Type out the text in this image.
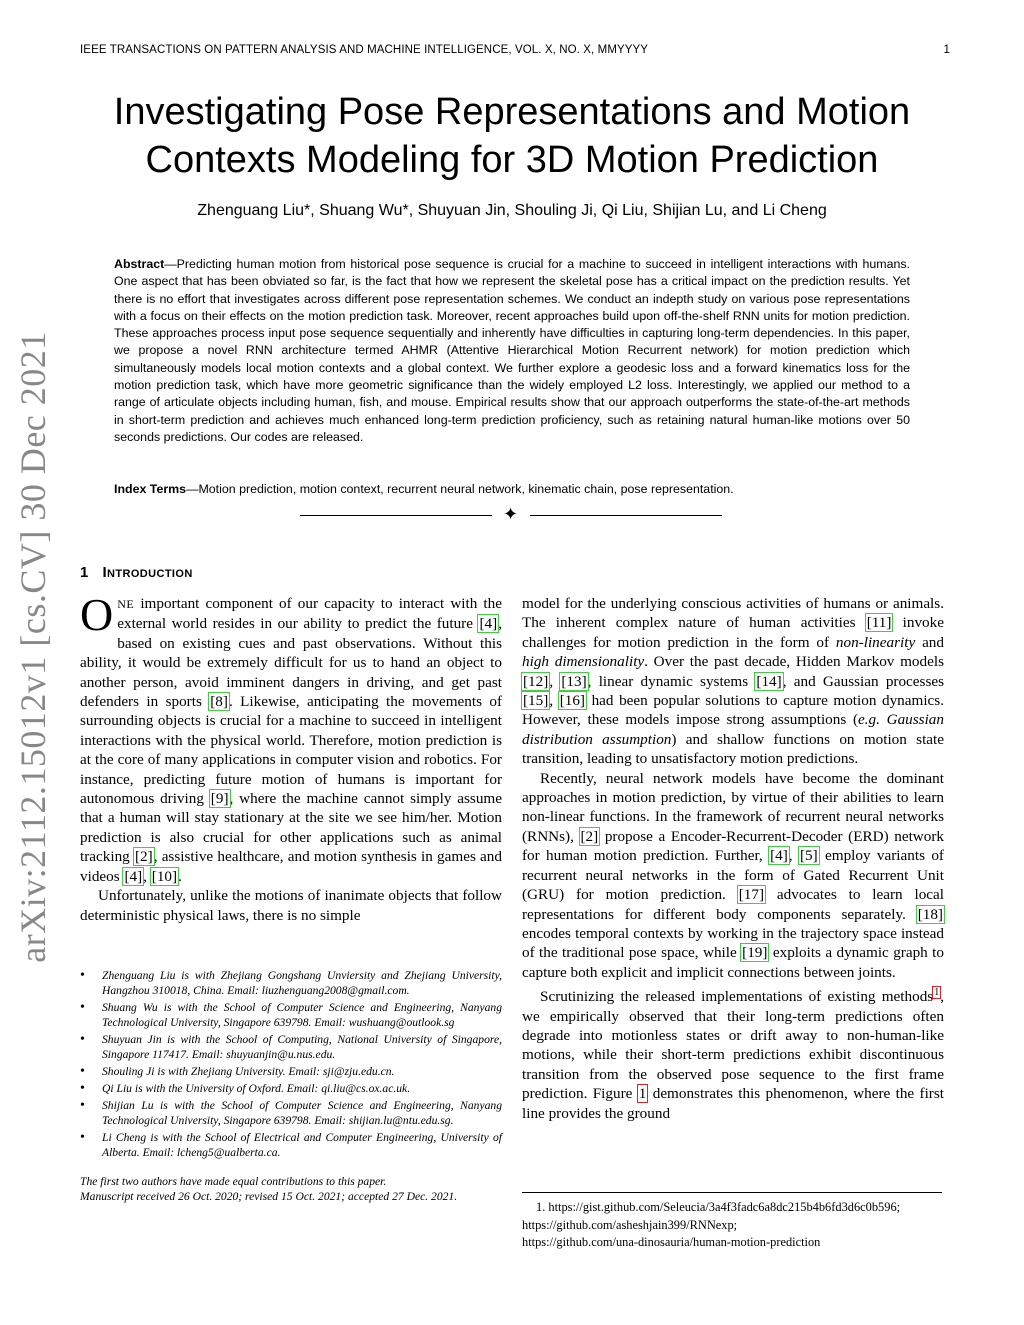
IEEE TRANSACTIONS ON PATTERN ANALYSIS AND MACHINE INTELLIGENCE, VOL. X, NO. X, MMYYYY	1
Investigating Pose Representations and Motion
Contexts Modeling for 3D Motion Prediction
Zhenguang Liu*, Shuang Wu*, Shuyuan Jin, Shouling Ji, Qi Liu, Shijian Lu, and Li Cheng
Abstract—Predicting human motion from historical pose sequence is crucial for a machine to succeed in intelligent interactions with humans. One aspect that has been obviated so far, is the fact that how we represent the skeletal pose has a critical impact on the prediction results. Yet there is no effort that investigates across different pose representation schemes. We conduct an indepth study on various pose representations with a focus on their effects on the motion prediction task. Moreover, recent approaches build upon off-the-shelf RNN units for motion prediction. These approaches process input pose sequence sequentially and inherently have difficulties in capturing long-term dependencies. In this paper, we propose a novel RNN architecture termed AHMR (Attentive Hierarchical Motion Recurrent network) for motion prediction which simultaneously models local motion contexts and a global context. We further explore a geodesic loss and a forward kinematics loss for the motion prediction task, which have more geometric significance than the widely employed L2 loss. Interestingly, we applied our method to a range of articulate objects including human, fish, and mouse. Empirical results show that our approach outperforms the state-of-the-art methods in short-term prediction and achieves much enhanced long-term prediction proficiency, such as retaining natural human-like motions over 50 seconds predictions. Our codes are released.
Index Terms—Motion prediction, motion context, recurrent neural network, kinematic chain, pose representation.
✦
arXiv:2112.15012v1 [cs.CV] 30 Dec 2021 1 Introduction

ONE important component of our capacity to interact with the external world resides in our ability to predict the future [4], based on existing cues and past observations. Without this ability, it would be extremely difficult for us to hand an object to another person, avoid imminent dangers in driving, and get past defenders in sports [8]. Likewise, anticipating the movements of surrounding objects is crucial for a machine to succeed in intelligent interactions with the physical world. Therefore, motion prediction is at the core of many applications in computer vision and robotics. For instance, predicting future motion of humans is important for autonomous driving [9], where the machine cannot simply assume that a human will stay stationary at the site we see him/her. Motion prediction is also crucial for other applications such as animal tracking [2], assistive healthcare, and motion synthesis in games and videos [4], [10].

Unfortunately, unlike the motions of inanimate objects that follow deterministic physical laws, there is no simple

• Zhenguang Liu is with Zhejiang Gongshang Unviersity and Zhejiang University, Hangzhou 310018, China. Email: liuzhenguang2008@gmail.com.
• Shuang Wu is with the School of Computer Science and Engineering, Nanyang Technological University, Singapore 639798. Email: wushuang@outlook.sg
• Shuyuan Jin is with the School of Computing, National University of Singapore, Singapore 117417. Email: shuyuanjin@u.nus.edu.
• Shouling Ji is with Zhejiang University. Email: sji@zju.edu.cn.
• Qi Liu is with the University of Oxford. Email: qi.liu@cs.ox.ac.uk.
• Shijian Lu is with the School of Computer Science and Engineering, Nanyang Technological University, Singapore 639798. Email: shijian.lu@ntu.edu.sg.
• Li Cheng is with the School of Electrical and Computer Engineering, University of Alberta. Email: lcheng5@ualberta.ca.
The first two authors have made equal contributions to this paper.
Manuscript received 26 Oct. 2020; revised 15 Oct. 2021; accepted 27 Dec. 2021.

model for the underlying conscious activities of humans or animals. The inherent complex nature of human activities [11] invoke challenges for motion prediction in the form of non-linearity and high dimensionality. Over the past decade, Hidden Markov models [12], [13], linear dynamic systems [14], and Gaussian processes [15], [16] had been popular solutions to capture motion dynamics. However, these models impose strong assumptions (e.g. Gaussian distribution assumption) and shallow functions on motion state transition, leading to unsatisfactory motion predictions.

Recently, neural network models have become the dominant approaches in motion prediction, by virtue of their abilities to learn non-linear functions. In the framework of recurrent neural networks (RNNs), [2] propose a Encoder-Recurrent-Decoder (ERD) network for human motion prediction. Further, [4], [5] employ variants of recurrent neural networks in the form of Gated Recurrent Unit (GRU) for motion prediction. [17] advocates to learn local representations for different body components separately. [18] encodes temporal contexts by working in the trajectory space instead of the traditional pose space, while [19] exploits a dynamic graph to capture both explicit and implicit connections between joints.

Scrutinizing the released implementations of existing methods$^1$, we empirically observed that their long-term predictions often degrade into motionless states or drift away to non-human-like motions, while their short-term predictions exhibit discontinuous transition from the observed pose sequence to the first frame prediction. Figure 1 demonstrates this phenomenon, where the first line provides the ground

1. https://gist.github.com/Seleucia/3a4f3fadc6a8dc215b4b6fd3d6c0b596;
https://github.com/asheshjain399/RNNexp;
https://github.com/una-dinosauria/human-motion-prediction
